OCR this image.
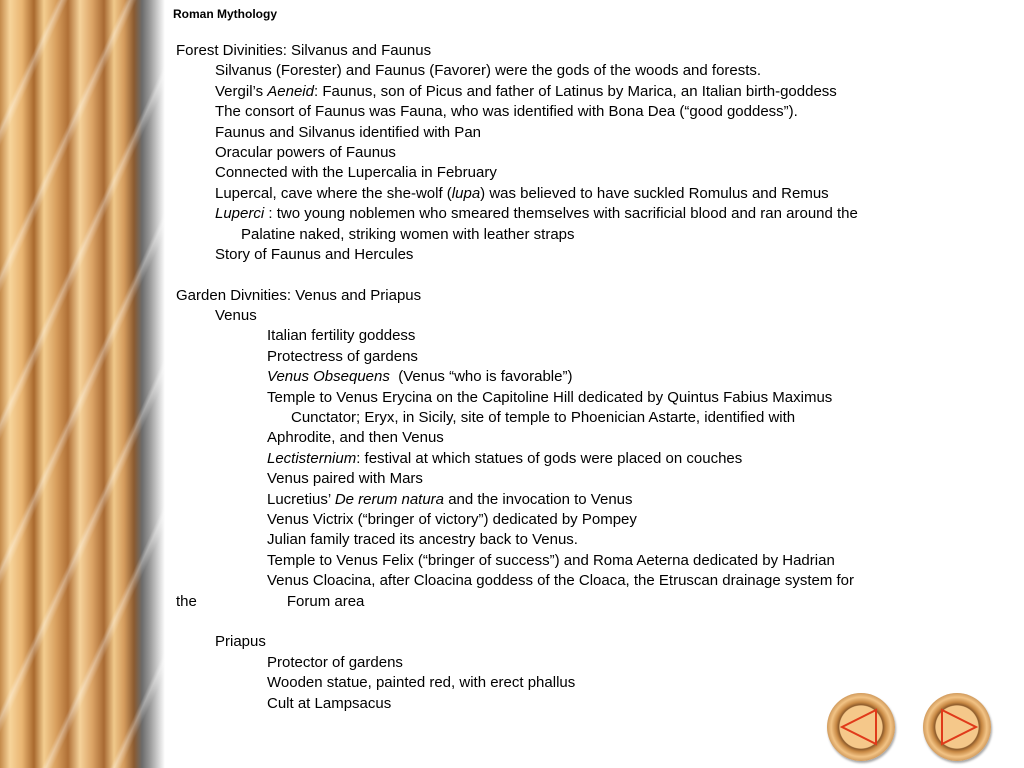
Roman Mythology
Forest Divinities: Silvanus and Faunus
Silvanus (Forester) and Faunus (Favorer) were the gods of the woods and forests.
Vergil’s Aeneid: Faunus, son of Picus and father of Latinus by Marica, an Italian birth-goddess
The consort of Faunus was Fauna, who was identified with Bona Dea (“good goddess”).
Faunus and Silvanus identified with Pan
Oracular powers of Faunus
Connected with the Lupercalia in February
Lupercal, cave where the she-wolf (lupa) was believed to have suckled Romulus and Remus
Luperci : two young noblemen who smeared themselves with sacrificial blood and ran around the
Palatine naked, striking women with leather straps
Story of Faunus and Hercules
Garden Divnities: Venus and Priapus
Venus
Italian fertility goddess
Protectress of gardens
Venus Obsequens  (Venus “who is favorable”)
Temple to Venus Erycina on the Capitoline Hill dedicated by Quintus Fabius Maximus
Cunctator; Eryx, in Sicily, site of temple to Phoenician Astarte, identified with
Aphrodite, and then Venus
Lectisternium: festival at which statues of gods were placed on couches
Venus paired with Mars
Lucretius’ De rerum natura and the invocation to Venus
Venus Victrix (“bringer of victory”) dedicated by Pompey
Julian family traced its ancestry back to Venus.
Temple to Venus Felix (“bringer of success”) and Roma Aeterna dedicated by Hadrian
Venus Cloacina, after Cloacina goddess of the Cloaca, the Etruscan drainage system for
the	Forum area
Priapus
Protector of gardens
Wooden statue, painted red, with erect phallus
Cult at Lampsacus
